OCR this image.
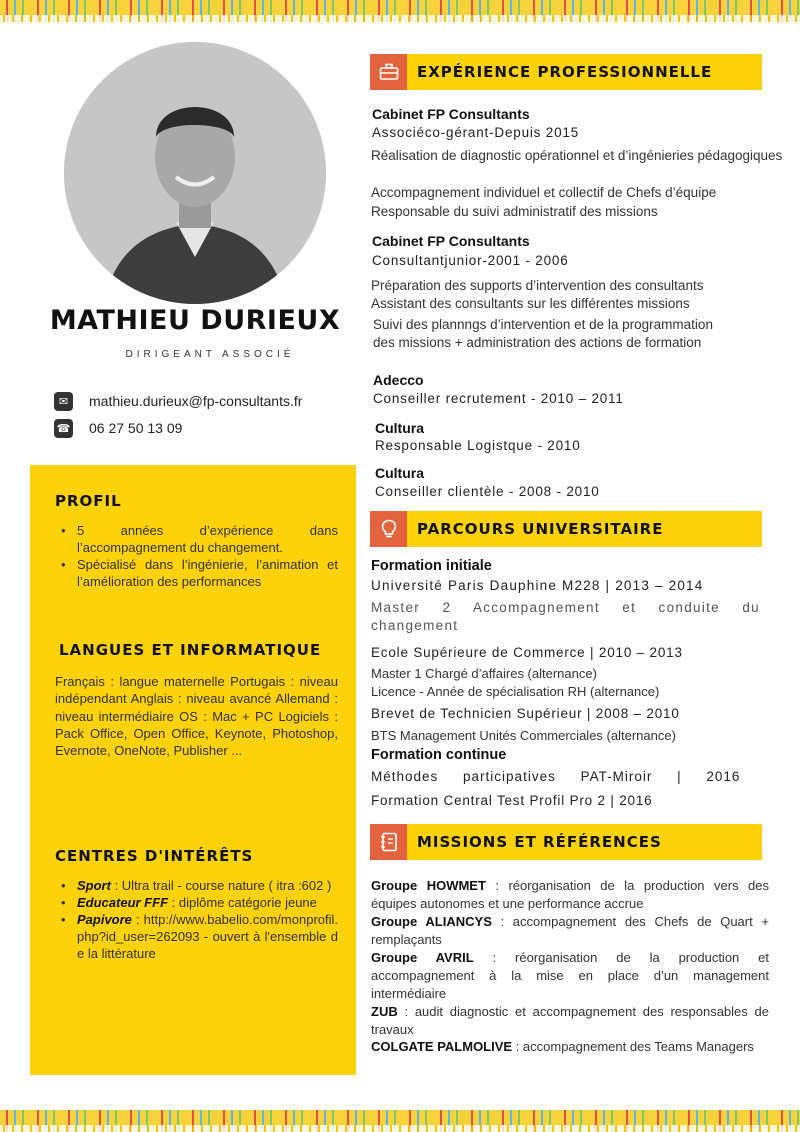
MATHIEU DURIEUX
DIRIGEANT ASSOCIÉ
✉	mathieu.durieux@fp-consultants.fr
☎ 06 27 50 13 09
PROFIL
• 5 années d’expérience dans l’accompagnement du changement.
• Spécialisé dans l’ingénierie, l’animation et l’amélioration des performances
LANGUES ET INFORMATIQUE
Français : langue maternelle Portugais : niveau indépendant Anglais : niveau avancé Allemand : niveau intermédiaire OS : Mac + PC Logiciels : Pack Office, Open Office, Keynote, Photoshop, Evernote, OneNote, Publisher ...
CENTRES D'INTÉRÊTS
• Sport : Ultra trail - course nature ( itra :602 )
• Educateur FFF : diplôme catégorie jeune
• Papivore : http://www.babelio.com/monprofil.php?id_user=262093 - ouvert à l'ensemble de la littérature
EXPÉRIENCE PROFESSIONNELLE
Cabinet FP Consultants
Associéco-gérant-Depuis 2015
Réalisation de diagnostic opérationnel et d’ingénieries pédagogiques
Accompagnement individuel et collectif de Chefs d’équipe
Responsable du suivi administratif des missions
Cabinet FP Consultants
Consultantjunior-2001 - 2006
Préparation des supports d’intervention des consultants
Assistant des consultants sur les différentes missions
Suivi des plannngs d’intervention et de la programmation
des missions + administration des actions de formation
Adecco
Conseiller recrutement - 2010 – 2011
Cultura
Responsable Logistque - 2010
Cultura
Conseiller clientèle - 2008 - 2010
PARCOURS UNIVERSITAIRE
Formation initiale
Université Paris Dauphine M228 | 2013 – 2014
Master 2 Accompagnement et conduite du changement
Ecole Supérieure de Commerce | 2010 – 2013
Master 1 Chargé d’affaires (alternance)
Licence - Année de spécialisation RH (alternance)
Brevet de Technicien Supérieur | 2008 – 2010
BTS Management Unités Commerciales (alternance)
Formation continue
Méthodes participatives PAT-Miroir | 2016
Formation Central Test Profil Pro 2 | 2016
MISSIONS ET RÉFÉRENCES
Groupe HOWMET : réorganisation de la production vers des équipes autonomes et une performance accrue
Groupe ALIANCYS : accompagnement des Chefs de Quart + remplaçants
Groupe AVRIL : réorganisation de la production et accompagnement à la mise en place d’un management intermédiaire
ZUB : audit diagnostic et accompagnement des responsables de travaux
COLGATE PALMOLIVE : accompagnement des Teams Managers
